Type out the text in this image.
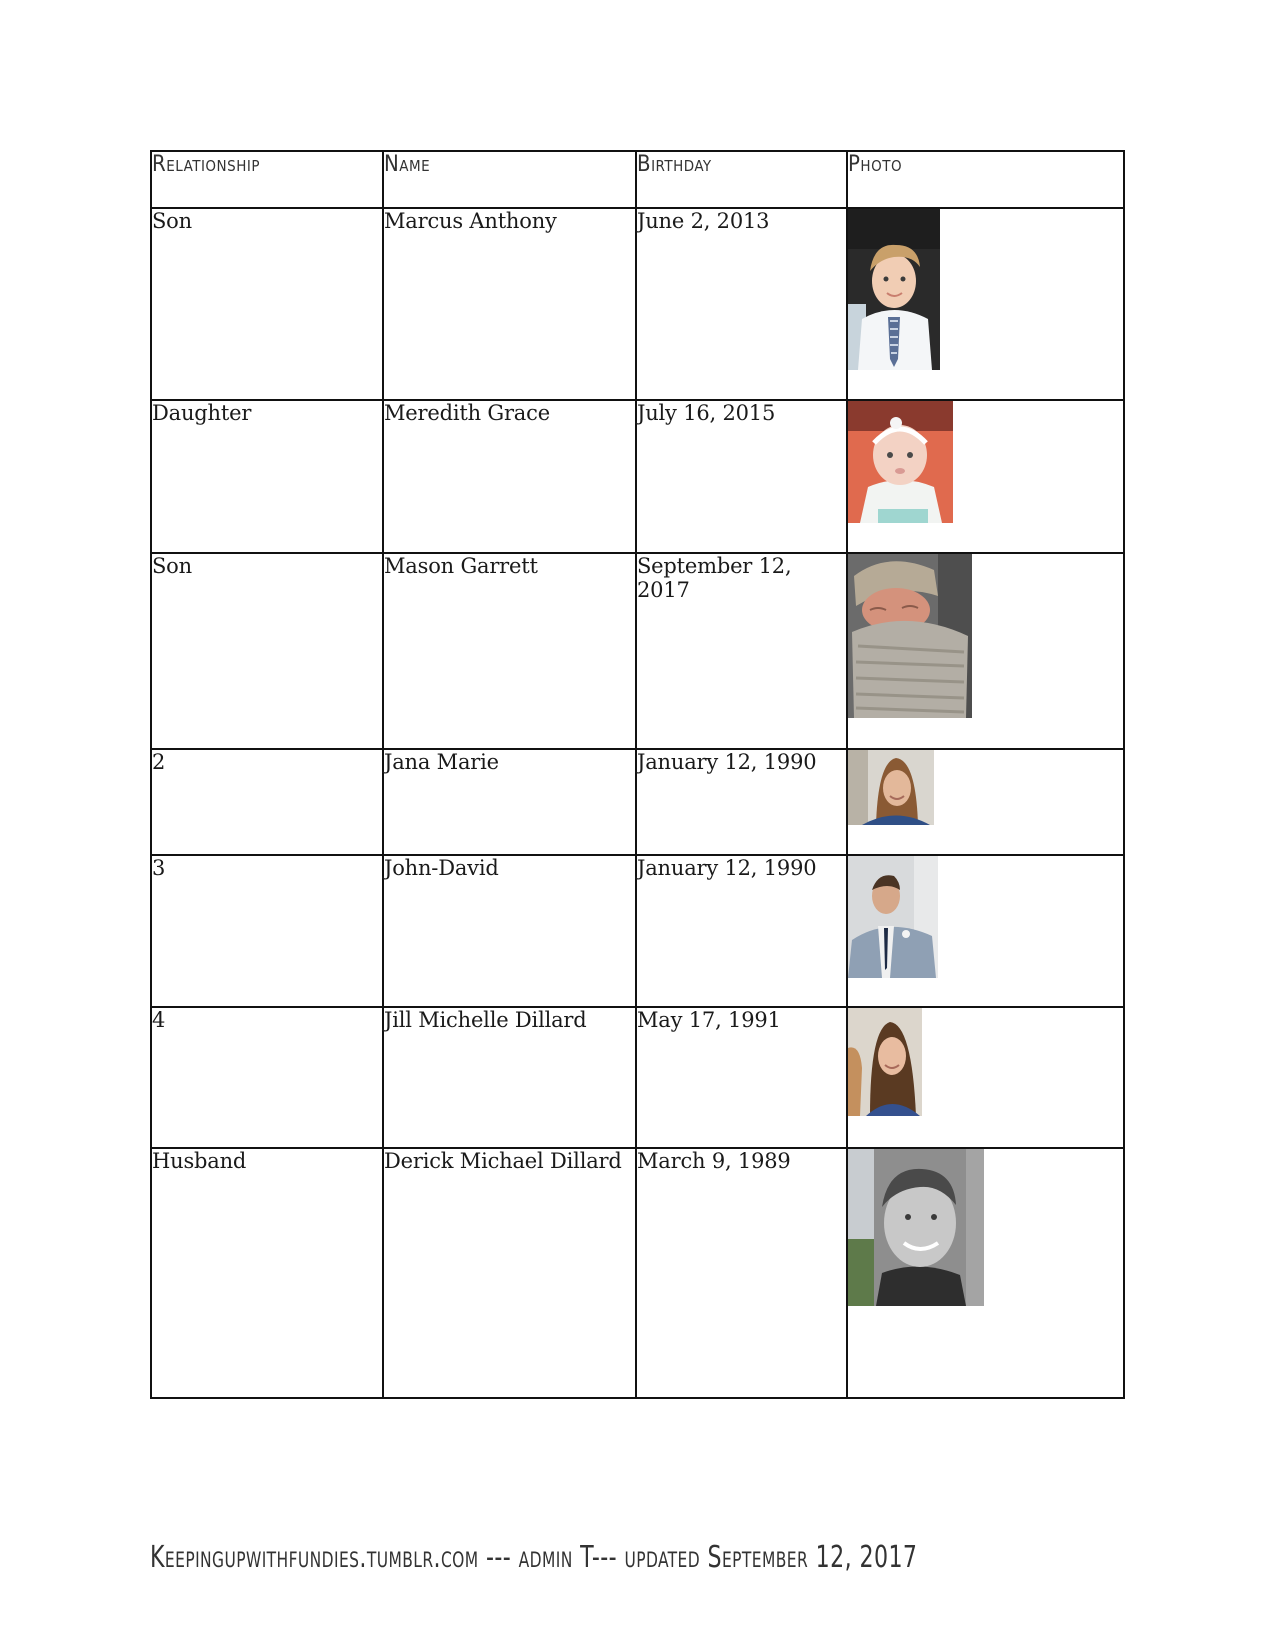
Relationship	Name	Birthday	Photo
Son	Marcus Anthony	June 2, 2013	

Daughter	Meredith Grace	July 16, 2015	

Son	Mason Garrett	September 12, 2017	

2	Jana Marie	January 12, 1990	

3	John-David	January 12, 1990	

4	Jill Michelle Dillard	May 17, 1991	

Husband	Derick Michael Dillard	March 9, 1989	
Keepingupwithfundies.tumblr.com --- admin T--- updated September 12, 2017
